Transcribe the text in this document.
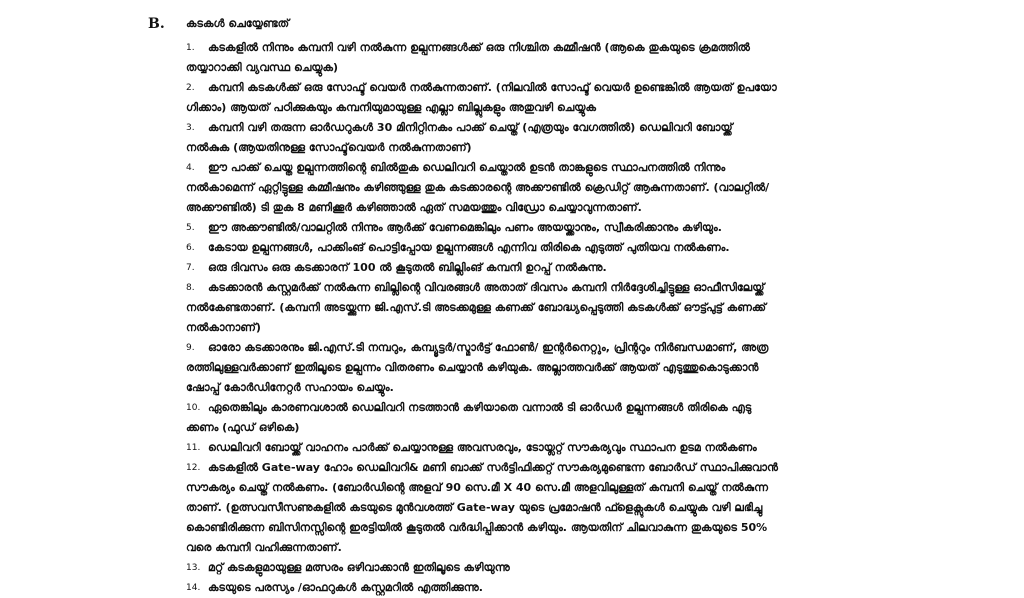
B.	കടകൾ ചെയ്യേണ്ടത്
1.	കടകളിൽ നിന്നും കമ്പനി വഴി നൽകുന്ന ഉല്പന്നങ്ങൾക്ക് ഒരു നിശ്ചിത കമ്മീഷൻ (ആകെ തുകയുടെ ക്രമത്തിൽ
തയ്യാറാക്കി വ്യവസ്ഥ ചെയ്യുക)
2.	കമ്പനി കടകൾക്ക് ഒരു സോഫ്ട് വെയർ നൽകുന്നതാണ്. (നിലവിൽ സോഫ്ട് വെയർ ഉണ്ടെങ്കിൽ ആയത് ഉപയോ
ഗിക്കാം) ആയത് പഠിക്കുകയും കമ്പനിയുമായുള്ള എല്ലാ ബില്ലുകളും അതുവഴി ചെയ്യുക
3.	കമ്പനി വഴി തരുന്ന ഓർഡറുകൾ 30 മിനിറ്റിനകം പാക്ക് ചെയ്ത് (എത്രയും വേഗത്തിൽ) ഡെലിവറി ബോയ്ക്ക്
നൽകുക (ആയതിനുള്ള സോഫ്ട്‌വെയർ നൽകുന്നതാണ്)
4.	ഈ പാക്ക് ചെയ്ത ഉല്പന്നത്തിന്റെ ബിൽതുക ഡെലിവറി ചെയ്താൽ ഉടൻ താങ്കളുടെ സ്ഥാപനത്തിൽ നിന്നും
നൽകാമെന്ന് ഏറ്റിട്ടുള്ള കമ്മീഷനും കഴിഞ്ഞുള്ള തുക കടക്കാരന്റെ അക്കൗണ്ടിൽ ക്രെഡിറ്റ് ആകുന്നതാണ്. (വാലറ്റിൽ/
അക്കൗണ്ടിൽ) ടി തുക 8 മണിക്കൂർ കഴിഞ്ഞാൽ ഏത് സമയത്തും വിഡ്രോ ചെയ്യാവുന്നതാണ്.
5.	ഈ അക്കൗണ്ടിൽ/വാലറ്റിൽ നിന്നും ആർക്ക് വേണമെങ്കിലും പണം അയയ്ക്കാനും, സ്വീകരിക്കാനും കഴിയും.
6.	കേടായ ഉല്പന്നങ്ങൾ, പാക്കിംങ് പൊട്ടിപ്പോയ ഉല്പന്നങ്ങൾ എന്നിവ തിരികെ എടുത്ത് പുതിയവ നൽകണം.
7.	ഒരു ദിവസം ഒരു കടക്കാരന് 100 ൽ കൂടുതൽ ബില്ലിംങ് കമ്പനി ഉറപ്പ് നൽകുന്നു.
8.	കടക്കാരൻ കസ്റ്റമർക്ക് നൽകുന്ന ബില്ലിന്റെ വിവരങ്ങൾ അതാത് ദിവസം കമ്പനി നിർദ്ദേശിച്ചിട്ടുള്ള ഓഫീസിലേയ്ക്ക്
നൽകേണ്ടതാണ്. (കമ്പനി അടയ്ക്കുന്ന ജി.എസ്.ടി അടക്കമുള്ള കണക്ക് ബോദ്ധ്യപ്പെടുത്തി കടകൾക്ക് ഔട്ട്പുട്ട് കണക്ക്
നൽകാനാണ്)
9.	ഓരോ കടക്കാരനും ജി.എസ്.ടി നമ്പറും, കമ്പ്യൂട്ടർ/സ്മാർട്ട് ഫോൺ/ ഇന്റർനെറ്റും, പ്രിന്ററും നിർബന്ധമാണ്, അത്ര
രത്തിലുള്ളവർക്കാണ് ഇതിലൂടെ ഉല്പന്നം വിതരണം ചെയ്യാൻ കഴിയുക. അല്ലാത്തവർക്ക് ആയത് എടുത്തുകൊടുക്കാൻ
ഷോപ്പ് കോർഡിനേറ്റർ സഹായം ചെയ്യും.
10. ഏതെങ്കിലും കാരണവശാൽ ഡെലിവറി നടത്താൻ കഴിയാതെ വന്നാൽ ടി ഓർഡർ ഉല്പന്നങ്ങൾ തിരികെ എടു
ക്കണം (ഫുഡ് ഒഴികെ)
11. ഡെലിവറി ബോയ്ക്ക് വാഹനം പാർക്ക് ചെയ്യാനുള്ള അവസരവും, ടോയ്ലറ്റ് സൗകര്യവും സ്ഥാപന ഉടമ നൽകണം
12. കടകളിൽ Gate-way ഹോം ഡെലിവറി& മണി ബാക്ക് സർട്ടിഫിക്കറ്റ് സൗകര്യമുണ്ടെന്ന ബോർഡ് സ്ഥാപിക്കുവാൻ
സൗകര്യം ചെയ്ത് നൽകണം. (ബോർഡിന്റെ അളവ് 90 സെ.മീ X 40 സെ.മീ അളവിലുള്ളത് കമ്പനി ചെയ്ത് നൽകുന്ന
താണ്. (ഉത്സവസീസണുകളിൽ കടയുടെ മുൻവശത്ത് Gate-way യുടെ പ്രമോഷൻ ഫ്ളെക്സുകൾ ചെയ്യുക വഴി ലഭിച്ചു
കൊണ്ടിരിക്കുന്ന ബിസിനസ്സിന്റെ ഇരട്ടിയിൽ കൂടുതൽ വർദ്ധിപ്പിക്കാൻ കഴിയും. ആയതിന് ചിലവാകുന്ന തുകയുടെ 50%
വരെ കമ്പനി വഹിക്കുന്നതാണ്.
13. മറ്റ് കടകളുമായുള്ള മത്സരം ഒഴിവാക്കാൻ ഇതിലൂടെ കഴിയുന്നു
14. കടയുടെ പരസ്യം /ഓഫറുകൾ കസ്റ്റമറിൽ എത്തിക്കുന്നു.
